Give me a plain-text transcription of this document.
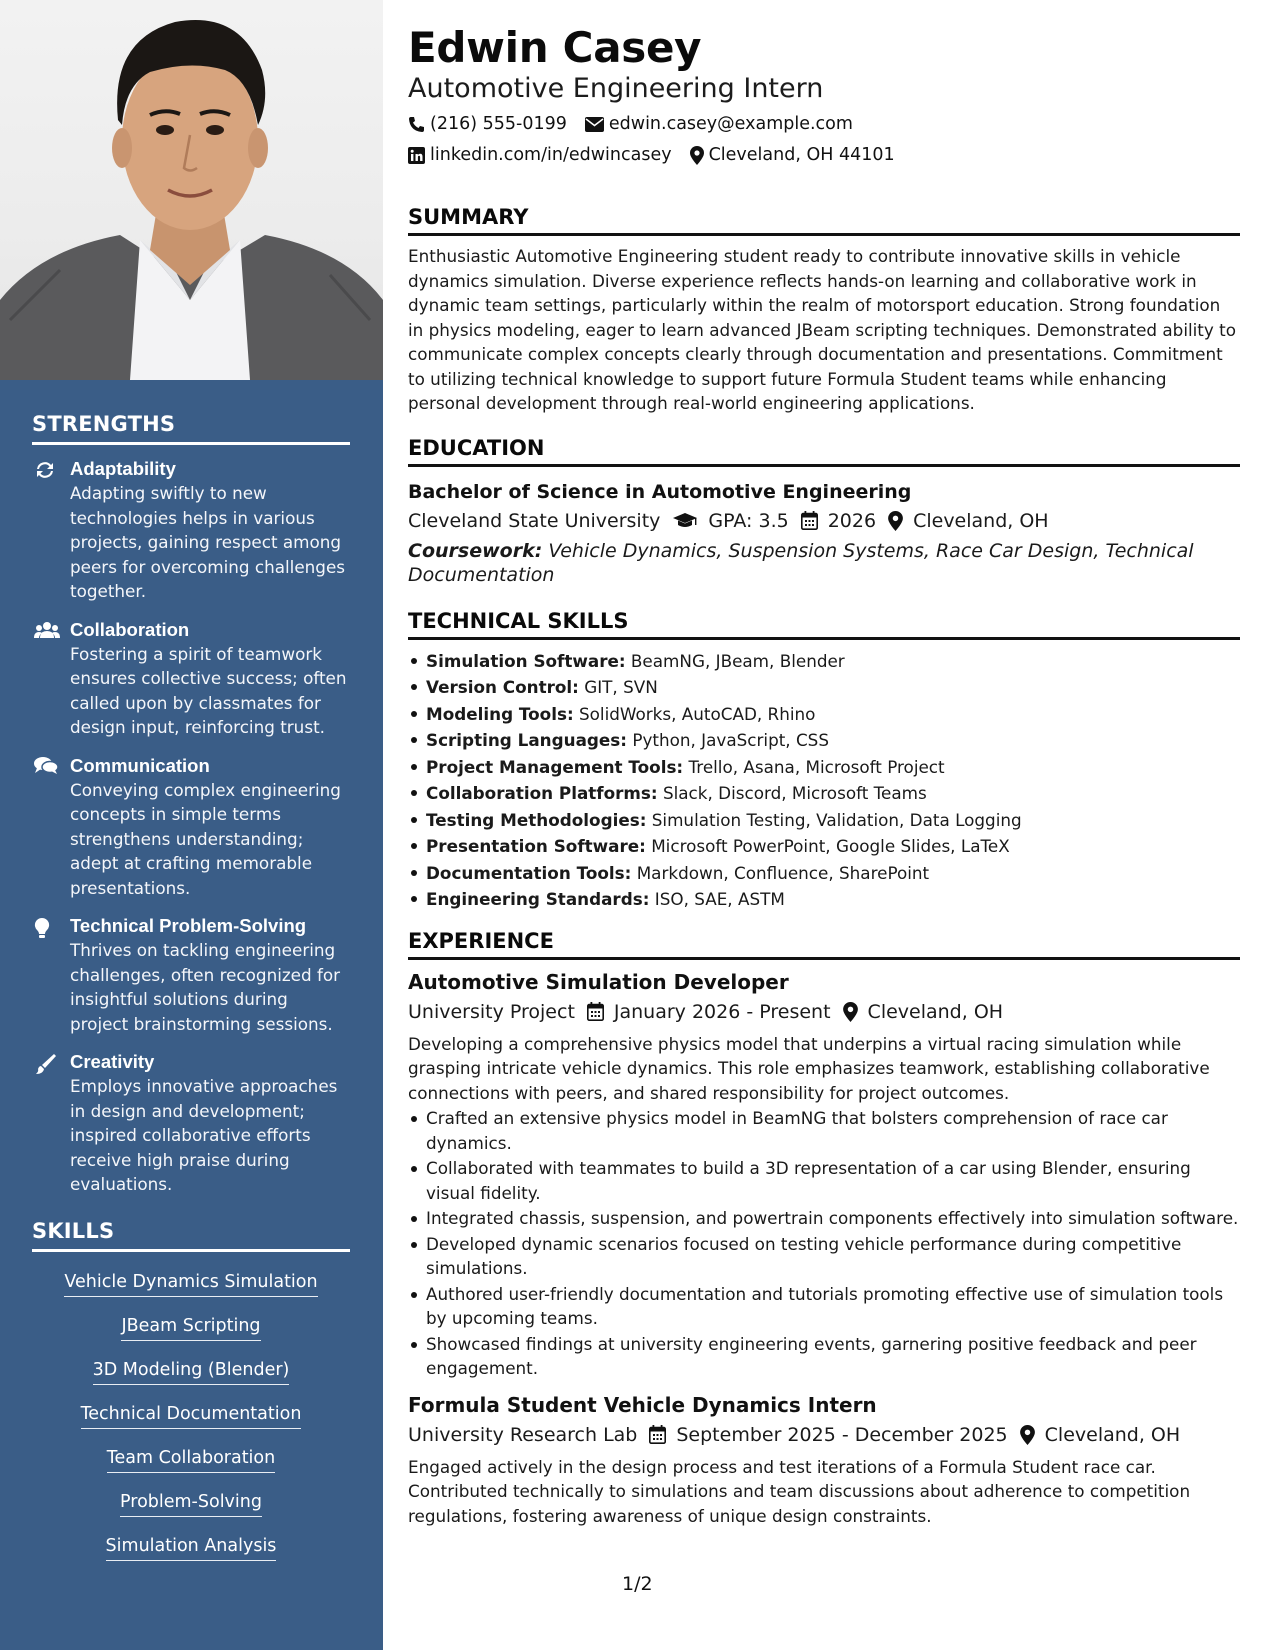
STRENGTHS
Adaptability
Adapting swiftly to new technologies helps in various projects, gaining respect among peers for overcoming challenges together.
Collaboration
Fostering a spirit of teamwork ensures collective success; often called upon by classmates for design input, reinforcing trust.
Communication
Conveying complex engineering concepts in simple terms strengthens understanding; adept at crafting memorable presentations.
Technical Problem-Solving
Thrives on tackling engineering challenges, often recognized for insightful solutions during project brainstorming sessions.
Creativity
Employs innovative approaches in design and development; inspired collaborative efforts receive high praise during evaluations.
SKILLS
Vehicle Dynamics Simulation
JBeam Scripting
3D Modeling (Blender)
Technical Documentation
Team Collaboration
Problem-Solving
Simulation Analysis
Edwin Casey
Automotive Engineering Intern
(216) 555-0199 edwin.casey@example.com
linkedin.com/in/edwincasey Cleveland, OH 44101
SUMMARY

Enthusiastic Automotive Engineering student ready to contribute innovative skills in vehicle dynamics simulation. Diverse experience reflects hands-on learning and collaborative work in dynamic team settings, particularly within the realm of motorsport education. Strong foundation in physics modeling, eager to learn advanced JBeam scripting techniques. Demonstrated ability to communicate complex concepts clearly through documentation and presentations. Commitment to utilizing technical knowledge to support future Formula Student teams while enhancing personal development through real-world engineering applications.

EDUCATION
Bachelor of Science in Automotive Engineering
Cleveland State University	GPA: 3.5 2026 Cleveland, OH
Coursework: Vehicle Dynamics, Suspension Systems, Race Car Design, Technical Documentation
TECHNICAL SKILLS
Simulation Software: BeamNG, JBeam, Blender
Version Control: GIT, SVN
Modeling Tools: SolidWorks, AutoCAD, Rhino
Scripting Languages: Python, JavaScript, CSS
Project Management Tools: Trello, Asana, Microsoft Project
Collaboration Platforms: Slack, Discord, Microsoft Teams
Testing Methodologies: Simulation Testing, Validation, Data Logging
Presentation Software: Microsoft PowerPoint, Google Slides, LaTeX
Documentation Tools: Markdown, Confluence, SharePoint
Engineering Standards: ISO, SAE, ASTM
EXPERIENCE
Automotive Simulation Developer
University Project January 2026 - Present Cleveland, OH

Developing a comprehensive physics model that underpins a virtual racing simulation while grasping intricate vehicle dynamics. This role emphasizes teamwork, establishing collaborative connections with peers, and shared responsibility for project outcomes.

Crafted an extensive physics model in BeamNG that bolsters comprehension of race car dynamics.
Collaborated with teammates to build a 3D representation of a car using Blender, ensuring visual fidelity.
Integrated chassis, suspension, and powertrain components effectively into simulation software.
Developed dynamic scenarios focused on testing vehicle performance during competitive simulations.
Authored user-friendly documentation and tutorials promoting effective use of simulation tools by upcoming teams.
Showcased findings at university engineering events, garnering positive feedback and peer engagement.
Formula Student Vehicle Dynamics Intern
University Research Lab September 2025 - December 2025 Cleveland, OH

Engaged actively in the design process and test iterations of a Formula Student race car. Contributed technically to simulations and team discussions about adherence to competition regulations, fostering awareness of unique design constraints.

1/2
